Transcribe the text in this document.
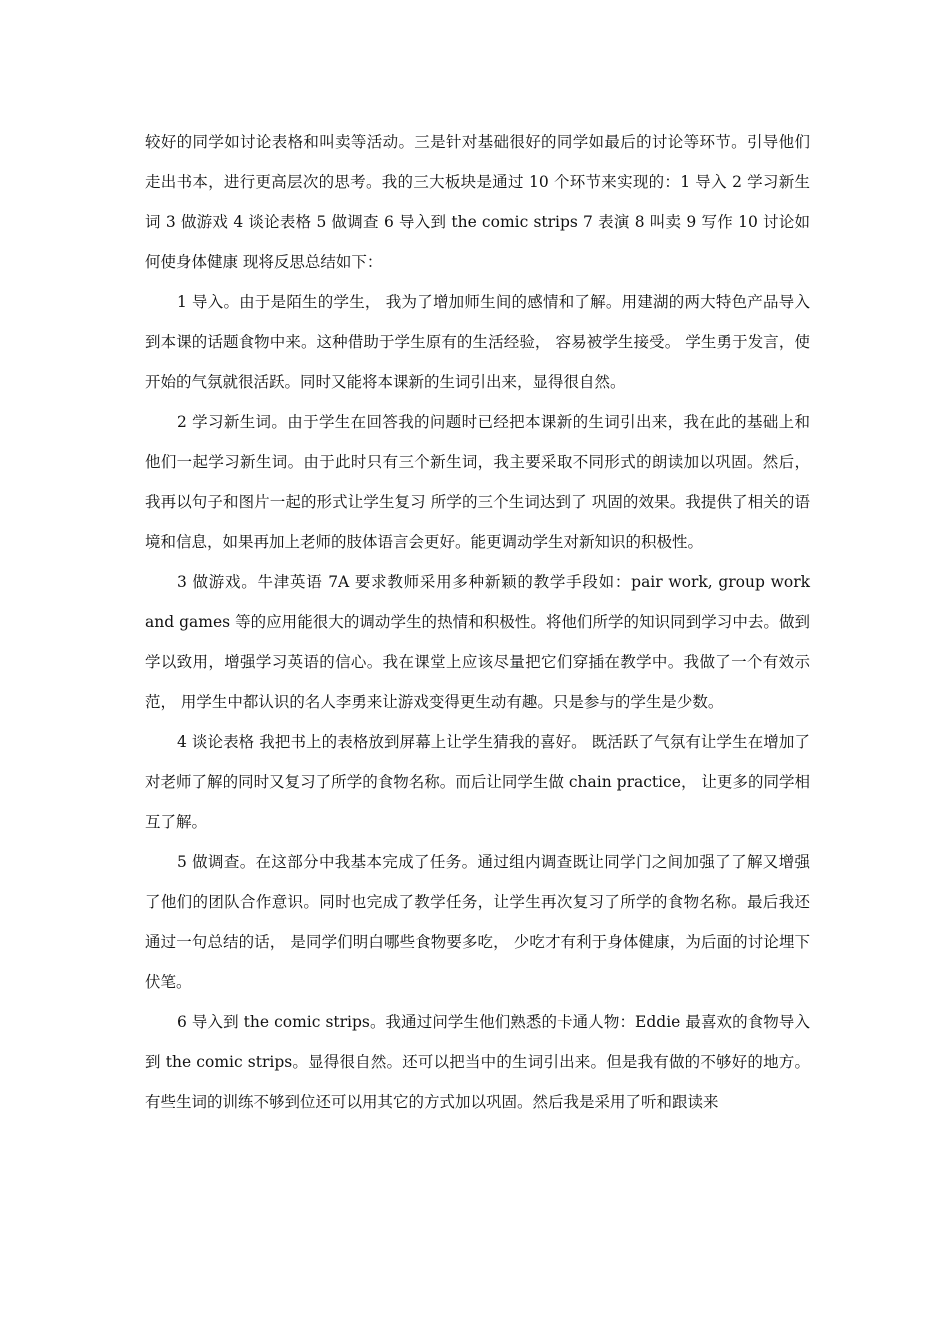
较好的同学如讨论表格和叫卖等活动。三是针对基础很好的同学如最后的讨论等环节。引导他们走出书本，进行更高层次的思考。我的三大板块是通过 10 个环节来实现的：1 导入 2 学习新生词 3 做游戏 4 谈论表格 5 做调查 6 导入到 the comic strips 7 表演 8 叫卖 9 写作 10 讨论如何使身体健康 现将反思总结如下：

1 导入。由于是陌生的学生， 我为了增加师生间的感情和了解。用建湖的两大特色产品导入到本课的话题食物中来。这种借助于学生原有的生活经验， 容易被学生接受。 学生勇于发言，使开始的气氛就很活跃。同时又能将本课新的生词引出来，显得很自然。

2 学习新生词。由于学生在回答我的问题时已经把本课新的生词引出来，我在此的基础上和他们一起学习新生词。由于此时只有三个新生词，我主要采取不同形式的朗读加以巩固。然后，我再以句子和图片一起的形式让学生复习 所学的三个生词达到了 巩固的效果。我提供了相关的语境和信息，如果再加上老师的肢体语言会更好。能更调动学生对新知识的积极性。

3 做游戏。牛津英语 7A 要求教师采用多种新颖的教学手段如：pair work, group work and games 等的应用能很大的调动学生的热情和积极性。将他们所学的知识同到学习中去。做到学以致用，增强学习英语的信心。我在课堂上应该尽量把它们穿插在教学中。我做了一个有效示范， 用学生中都认识的名人李勇来让游戏变得更生动有趣。只是参与的学生是少数。

4 谈论表格 我把书上的表格放到屏幕上让学生猜我的喜好。 既活跃了气氛有让学生在增加了对老师了解的同时又复习了所学的食物名称。而后让同学生做 chain practice， 让更多的同学相互了解。

5 做调查。在这部分中我基本完成了任务。通过组内调查既让同学门之间加强了了解又增强了他们的团队合作意识。同时也完成了教学任务，让学生再次复习了所学的食物名称。最后我还通过一句总结的话， 是同学们明白哪些食物要多吃， 少吃才有利于身体健康，为后面的讨论埋下伏笔。

6 导入到 the comic strips。我通过问学生他们熟悉的卡通人物：Eddie 最喜欢的食物导入到 the comic strips。显得很自然。还可以把当中的生词引出来。但是我有做的不够好的地方。有些生词的训练不够到位还可以用其它的方式加以巩固。然后我是采用了听和跟读来
